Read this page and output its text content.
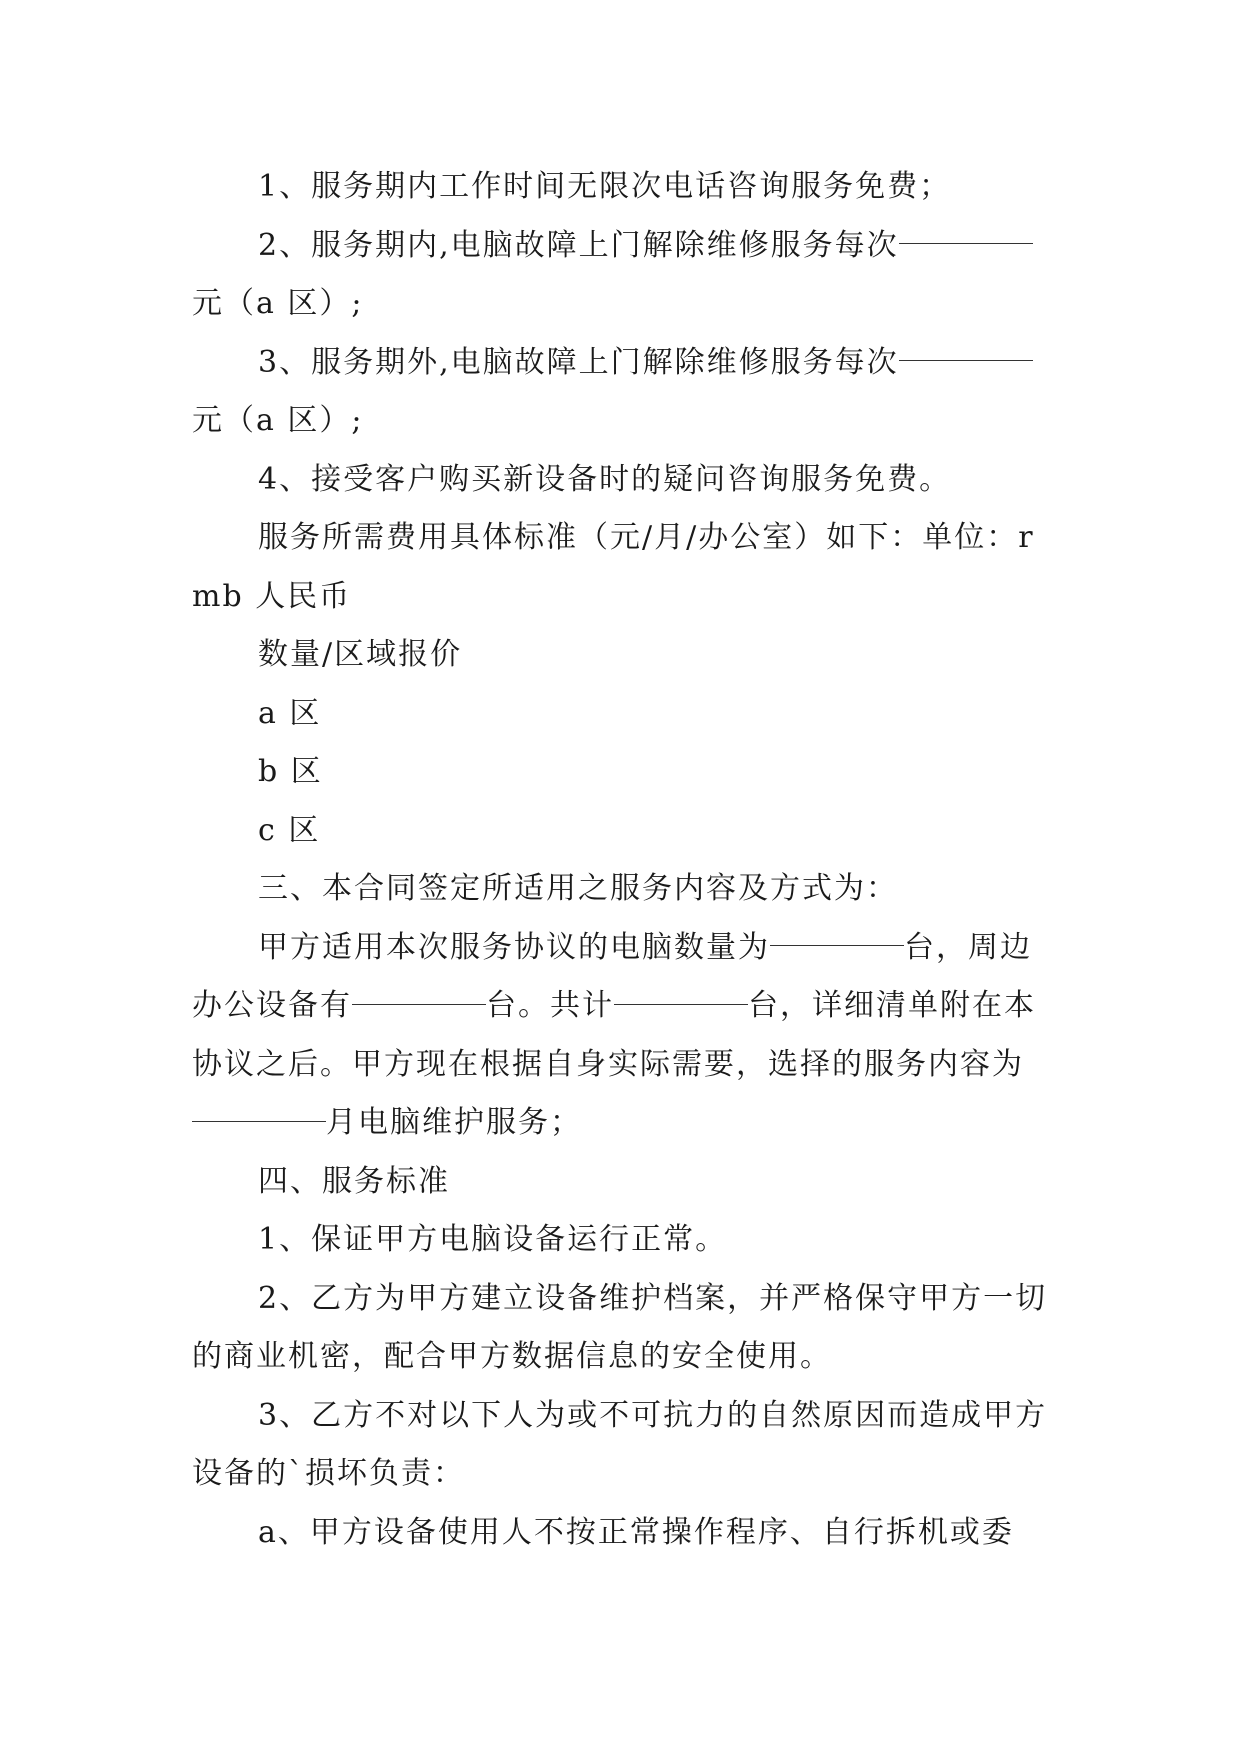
1、服务期内工作时间无限次电话咨询服务免费；

2、服务期内,电脑故障上门解除维修服务每次元（a 区）;

3、服务期外,电脑故障上门解除维修服务每次元（a 区）;

4、接受客户购买新设备时的疑问咨询服务免费。

服务所需费用具体标准（元/月/办公室）如下：单位：rmb 人民币

数量/区域报价

a 区

b 区

c 区

三、本合同签定所适用之服务内容及方式为：

甲方适用本次服务协议的电脑数量为	台，周边办公设备有	台。共计	台，详细清单附在本协议之后。甲方现在根据自身实际需要，选择的服务内容为月电脑维护服务；

四、服务标准

1、保证甲方电脑设备运行正常。

2、乙方为甲方建立设备维护档案，并严格保守甲方一切的商业机密，配合甲方数据信息的安全使用。

3、乙方不对以下人为或不可抗力的自然原因而造成甲方设备的`损坏负责：

a、甲方设备使用人不按正常操作程序、自行拆机或委
